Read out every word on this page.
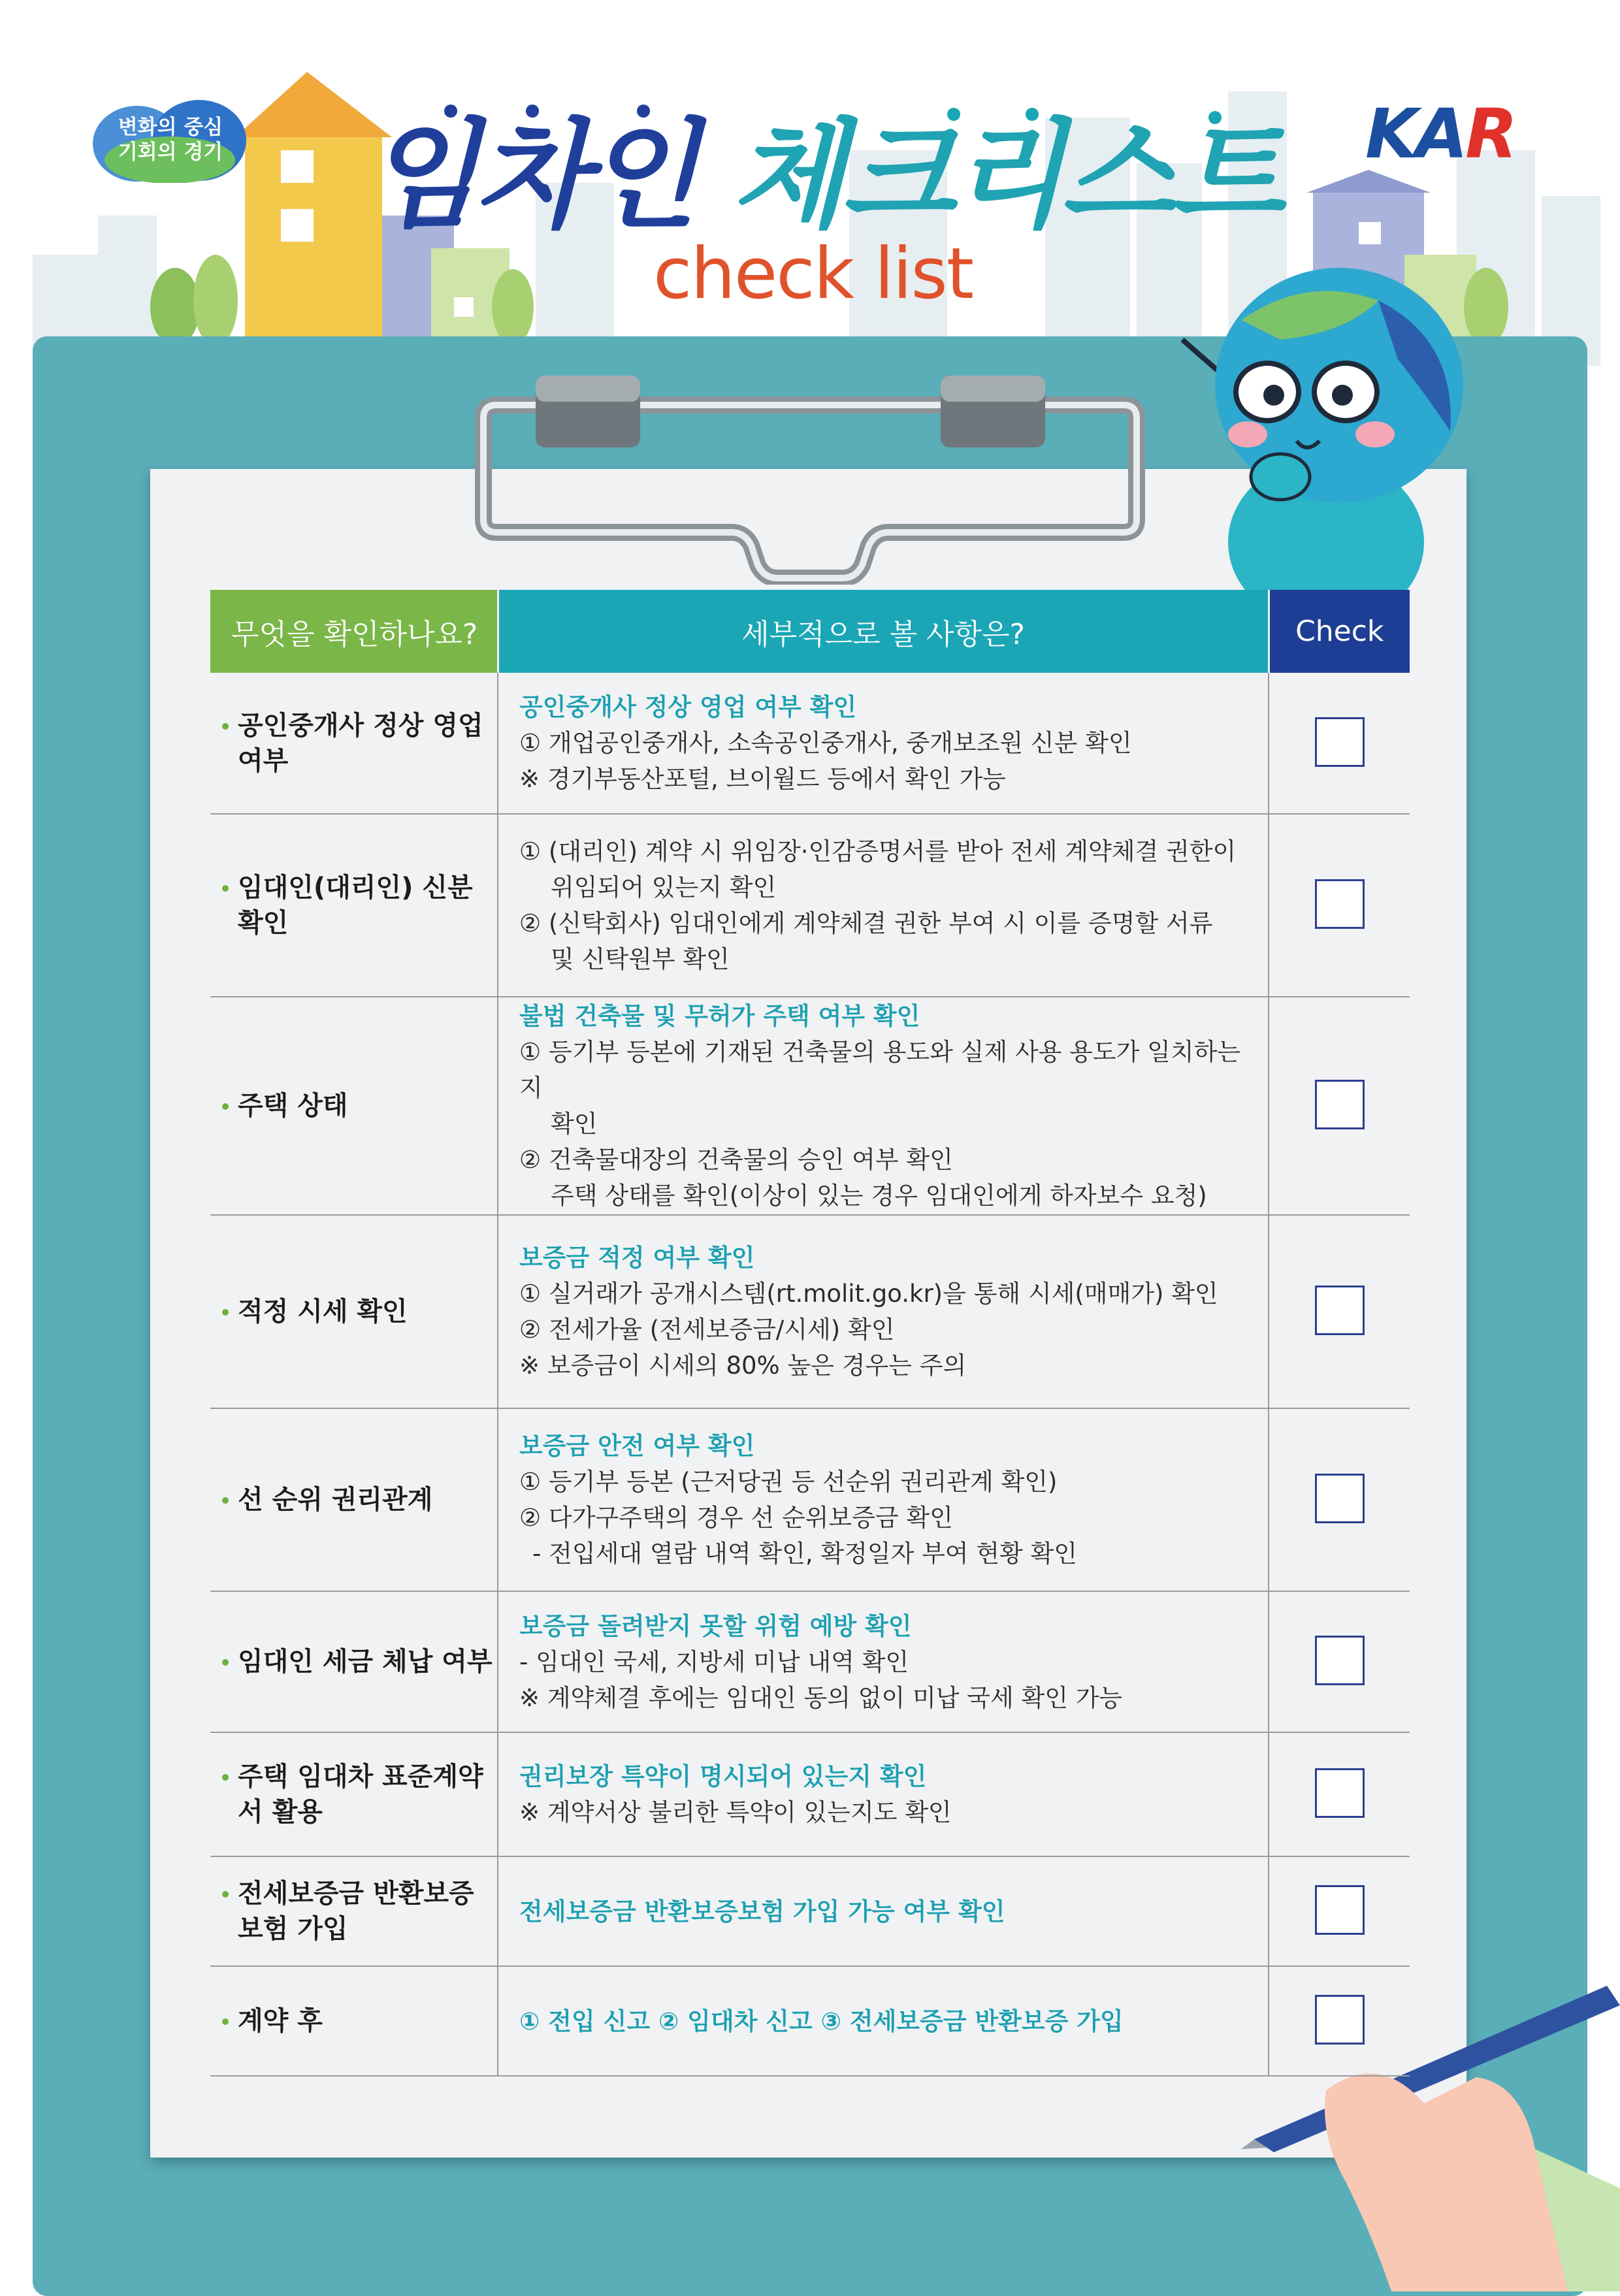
변화의 중심
기회의 경기 임차인 체크리스트
check list
KAR
무엇을 확인하나요?	세부적으로 볼 사항은?	Check

공인중개사 정상 영업 여부	공인중개사 정상 영업 여부 확인
① 개업공인중개사, 소속공인중개사, 중개보조원 신분 확인
※ 경기부동산포털, 브이월드 등에서 확인 가능	

임대인(대리인) 신분 확인	① (대리인) 계약 시 위임장·인감증명서를 받아 전세 계약체결 권한이
위임되어 있는지 확인
② (신탁회사) 임대인에게 계약체결 권한 부여 시 이를 증명할 서류
및 신탁원부 확인	

주택 상태	불법 건축물 및 무허가 주택 여부 확인
① 등기부 등본에 기재된 건축물의 용도와 실제 사용 용도가 일치하는지
확인
② 건축물대장의 건축물의 승인 여부 확인
주택 상태를 확인(이상이 있는 경우 임대인에게 하자보수 요청)	

적정 시세 확인	보증금 적정 여부 확인
① 실거래가 공개시스템(rt.molit.go.kr)을 통해 시세(매매가) 확인
② 전세가율 (전세보증금/시세) 확인
※ 보증금이 시세의 80% 높은 경우는 주의	

선 순위 권리관계	보증금 안전 여부 확인
① 등기부 등본 (근저당권 등 선순위 권리관계 확인)
② 다가구주택의 경우 선 순위보증금 확인
- 전입세대 열람 내역 확인, 확정일자 부여 현황 확인	

임대인 세금 체납 여부	보증금 돌려받지 못할 위험 예방 확인
- 임대인 국세, 지방세 미납 내역 확인
※ 계약체결 후에는 임대인 동의 없이 미납 국세 확인 가능	

주택 임대차 표준계약서 활용	권리보장 특약이 명시되어 있는지 확인
※ 계약서상 불리한 특약이 있는지도 확인	

전세보증금 반환보증 보험 가입	전세보증금 반환보증보험 가입 가능 여부 확인	

계약 후	① 전입 신고 ② 임대차 신고 ③ 전세보증금 반환보증 가입	
